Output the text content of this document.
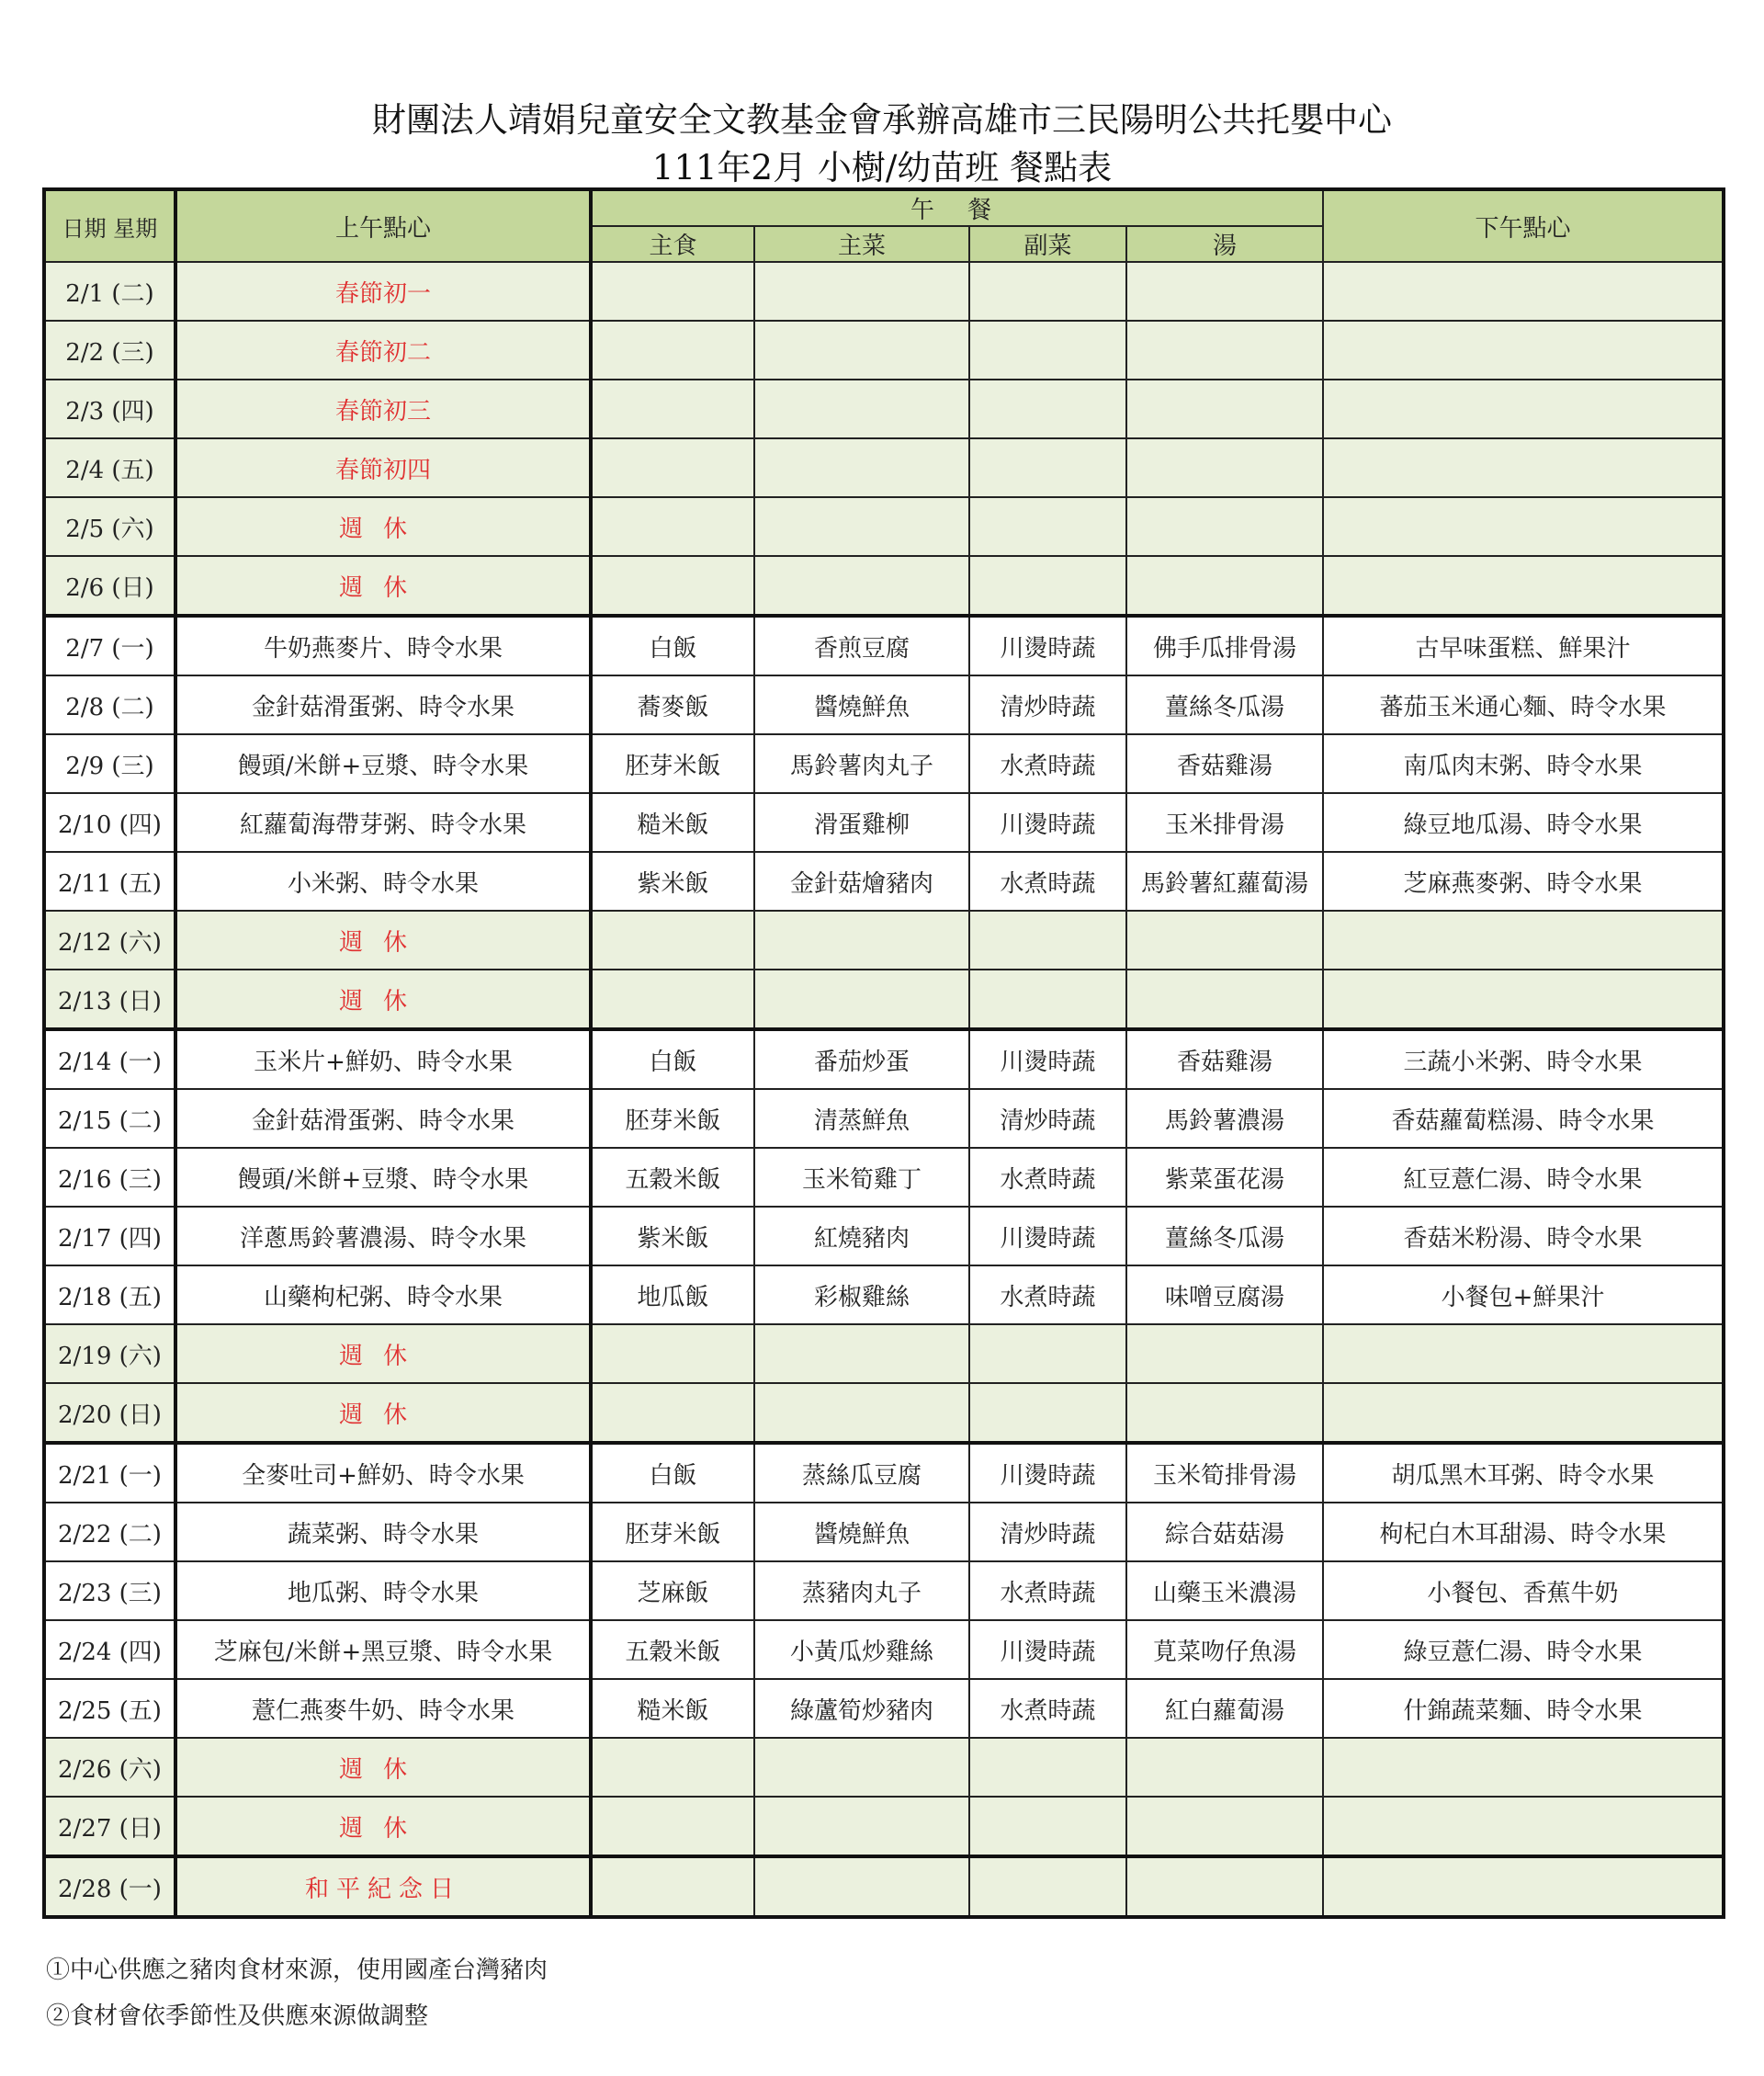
財團法人靖娟兒童安全文教基金會承辦高雄市三民陽明公共托嬰中心
111年2月 小樹/幼苗班 餐點表
日期 星期	上午點心	午 餐				下午點心
		主食	主菜	副菜	湯	
2/1 (二)	春節初一					
2/2 (三)	春節初二					
2/3 (四)	春節初三					
2/4 (五)	春節初四					
2/5 (六)	週休					
2/6 (日)	週休					
2/7 (一)	牛奶燕麥片、時令水果	白飯	香煎豆腐	川燙時蔬	佛手瓜排骨湯	古早味蛋糕、鮮果汁
2/8 (二)	金針菇滑蛋粥、時令水果	蕎麥飯	醬燒鮮魚	清炒時蔬	薑絲冬瓜湯	蕃茄玉米通心麵、時令水果
2/9 (三)	饅頭/米餅+豆漿、時令水果	胚芽米飯	馬鈴薯肉丸子	水煮時蔬	香菇雞湯	南瓜肉末粥、時令水果
2/10 (四)	紅蘿蔔海帶芽粥、時令水果	糙米飯	滑蛋雞柳	川燙時蔬	玉米排骨湯	綠豆地瓜湯、時令水果
2/11 (五)	小米粥、時令水果	紫米飯	金針菇燴豬肉	水煮時蔬	馬鈴薯紅蘿蔔湯	芝麻燕麥粥、時令水果
2/12 (六)	週休					
2/13 (日)	週休					
2/14 (一)	玉米片+鮮奶、時令水果	白飯	番茄炒蛋	川燙時蔬	香菇雞湯	三蔬小米粥、時令水果
2/15 (二)	金針菇滑蛋粥、時令水果	胚芽米飯	清蒸鮮魚	清炒時蔬	馬鈴薯濃湯	香菇蘿蔔糕湯、時令水果
2/16 (三)	饅頭/米餅+豆漿、時令水果	五穀米飯	玉米筍雞丁	水煮時蔬	紫菜蛋花湯	紅豆薏仁湯、時令水果
2/17 (四)	洋蔥馬鈴薯濃湯、時令水果	紫米飯	紅燒豬肉	川燙時蔬	薑絲冬瓜湯	香菇米粉湯、時令水果
2/18 (五)	山藥枸杞粥、時令水果	地瓜飯	彩椒雞絲	水煮時蔬	味噌豆腐湯	小餐包+鮮果汁
2/19 (六)	週休					
2/20 (日)	週休					
2/21 (一)	全麥吐司+鮮奶、時令水果	白飯	蒸絲瓜豆腐	川燙時蔬	玉米筍排骨湯	胡瓜黑木耳粥、時令水果
2/22 (二)	蔬菜粥、時令水果	胚芽米飯	醬燒鮮魚	清炒時蔬	綜合菇菇湯	枸杞白木耳甜湯、時令水果
2/23 (三)	地瓜粥、時令水果	芝麻飯	蒸豬肉丸子	水煮時蔬	山藥玉米濃湯	小餐包、香蕉牛奶
2/24 (四)	芝麻包/米餅+黑豆漿、時令水果	五穀米飯	小黃瓜炒雞絲	川燙時蔬	莧菜吻仔魚湯	綠豆薏仁湯、時令水果
2/25 (五)	薏仁燕麥牛奶、時令水果	糙米飯	綠蘆筍炒豬肉	水煮時蔬	紅白蘿蔔湯	什錦蔬菜麵、時令水果
2/26 (六)	週休					
2/27 (日)	週休					
2/28 (一)	和平紀念日					
①中心供應之豬肉食材來源，使用國產台灣豬肉
②食材會依季節性及供應來源做調整
